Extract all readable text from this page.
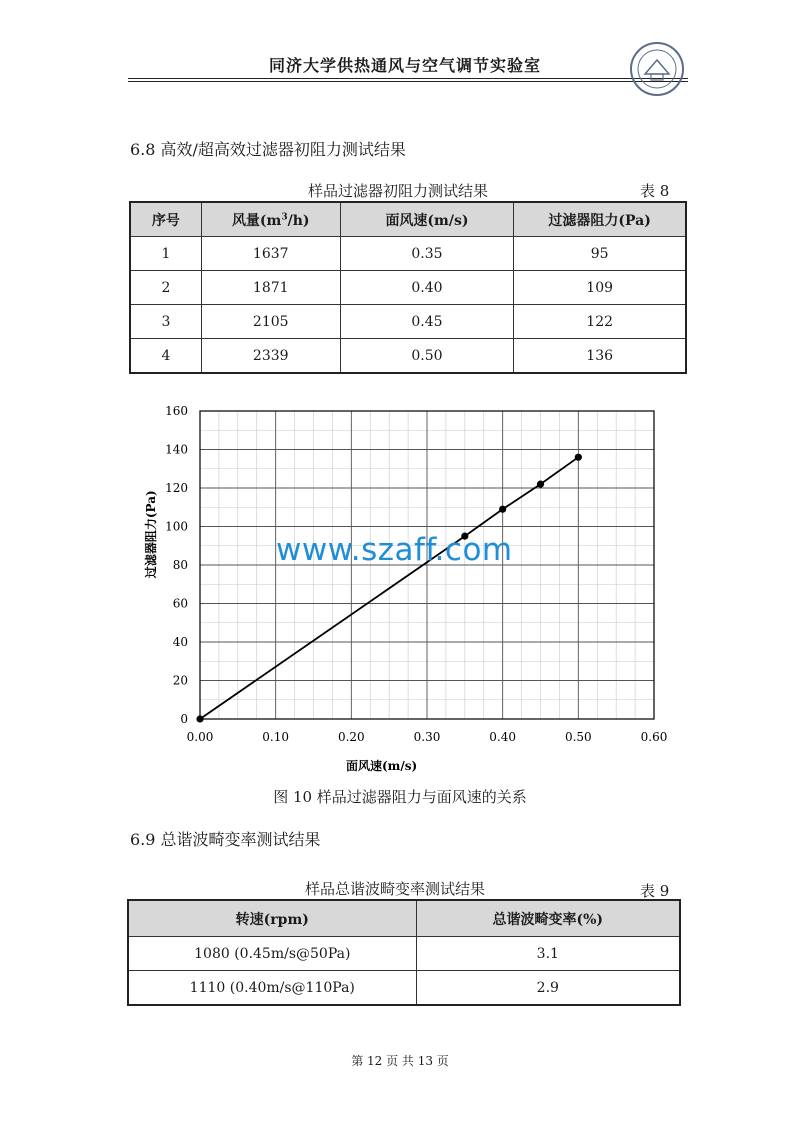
同济大学供热通风与空气调节实验室
6.8 高效/超高效过滤器初阻力测试结果
样品过滤器初阻力测试结果	表 8
序号	风量$(m^3/h)$	面风速(m/s)	过滤器阻力(Pa)
1	1637	0.35	95
2	1871	0.40	109
3	2105	0.45	122
4	2339	0.50	136
0.00	0.10	0.20	0.30	0.40	0.50	0.60
0
20
40
60
80
100
120
140
160
面风速(m/s)
过滤器阻力(Pa)	www.szaff.com
图 10 样品过滤器阻力与面风速的关系
6.9 总谐波畸变率测试结果
样品总谐波畸变率测试结果	表 9
转速(rpm)	总谐波畸变率(%)
1080 (0.45m/s@50Pa)	3.1
1110 (0.40m/s@110Pa)	2.9
第 12 页 共 13 页
